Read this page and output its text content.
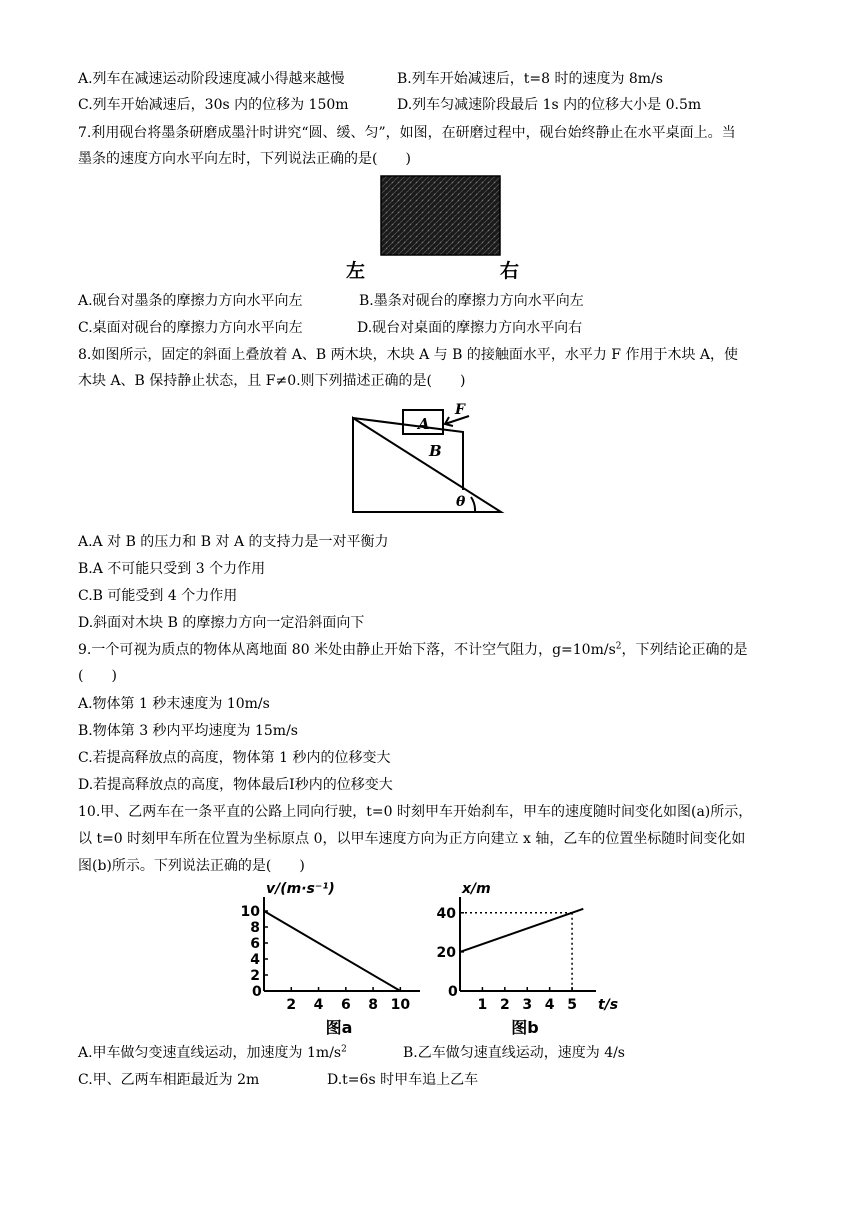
A.列车在减速运动阶段速度减小得越来越慢	B.列车开始减速后，t=8 时的速度为 8m/s
C.列车开始减速后，30s 内的位移为 150m	D.列车匀减速阶段最后 1s 内的位移大小是 0.5m
7.利用砚台将墨条研磨成墨汁时讲究“圆、缓、匀”，如图，在研磨过程中，砚台始终静止在水平桌面上。当
墨条的速度方向水平向左时，下列说法正确的是(　　)
左	右
A.砚台对墨条的摩擦力方向水平向左	B.墨条对砚台的摩擦力方向水平向左
C.桌面对砚台的摩擦力方向水平向左	D.砚台对桌面的摩擦力方向水平向右
8.如图所示，固定的斜面上叠放着 A、B 两木块，木块 A 与 B 的接触面水平，水平力 F 作用于木块 A，使
木块 A、B 保持静止状态，且 F≠0.则下列描述正确的是(　　)
A
B
F
θ
A.A 对 B 的压力和 B 对 A 的支持力是一对平衡力
B.A 不可能只受到 3 个力作用
C.B 可能受到 4 个力作用
D.斜面对木块 B 的摩擦力方向一定沿斜面向下
9.一个可视为质点的物体从离地面 80 米处由静止开始下落，不计空气阻力，$g=10m/s^2$，下列结论正确的是
(　　)
A.物体第 1 秒末速度为 10m/s
B.物体第 3 秒内平均速度为 15m/s
C.若提高释放点的高度，物体第 1 秒内的位移变大
D.若提高释放点的高度，物体最后Ⅰ秒内的位移变大
10.甲、乙两车在一条平直的公路上同向行驶，t=0 时刻甲车开始刹车，甲车的速度随时间变化如图(a)所示，
以 t=0 时刻甲车所在位置为坐标原点 0，以甲车速度方向为正方向建立 x 轴，乙车的位置坐标随时间变化如
图(b)所示。下列说法正确的是(　　)
v/(m·s⁻¹)
0
2 4 6 8 10
2
4
6
8
10
图a
x/m
t/s
0
1 2 3 4 5
20
40
图b
A.甲车做匀变速直线运动，加速度为 $1m/s^2$	B.乙车做匀速直线运动，速度为 4/s
C.甲、乙两车相距最近为 2m	D.t=6s 时甲车追上乙车
